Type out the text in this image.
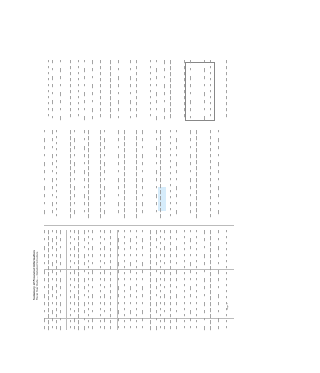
Summary of Financial Information Fiscal Year Data — Detailed Schedule
Page 1
